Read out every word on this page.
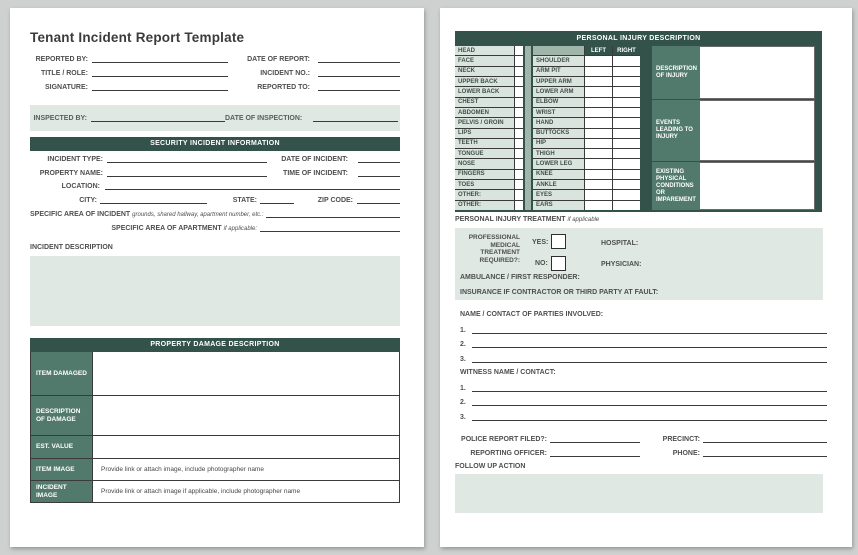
Tenant Incident Report Template
REPORTED BY:	DATE OF REPORT:
TITLE / ROLE:	INCIDENT NO.:
SIGNATURE:	REPORTED TO:
INSPECTED BY:	DATE OF INSPECTION:
SECURITY INCIDENT INFORMATION
INCIDENT TYPE:	DATE OF INCIDENT:
PROPERTY NAME:	TIME OF INCIDENT:
LOCATION:
CITY:	STATE:	ZIP CODE:
SPECIFIC AREA OF INCIDENT grounds, shared hallway, apartment number, etc.:
SPECIFIC AREA OF APARTMENT if applicable:
INCIDENT DESCRIPTION
PROPERTY DAMAGE DESCRIPTION
ITEM DAMAGED
DESCRIPTION OF DAMAGE
EST. VALUE
ITEM IMAGE	Provide link or attach image, include photographer name
INCIDENT IMAGE	Provide link or attach image if applicable, include photographer name
PERSONAL INJURY DESCRIPTION
HEAD
FACE
NECK
UPPER BACK
LOWER BACK
CHEST
ABDOMEN
PELVIS / GROIN
LIPS
TEETH
TONGUE
NOSE
FINGERS
TOES
OTHER:
OTHER:
LEFT	RIGHT
SHOULDER
ARM PIT
UPPER ARM
LOWER ARM
ELBOW
WRIST
HAND
BUTTOCKS
HIP
THIGH
LOWER LEG
KNEE
ANKLE
EYES
EARS
DESCRIPTION OF INJURY
EVENTS LEADING TO INJURY
EXISTING PHYSICAL CONDITIONS OR IMPAREMENT
PERSONAL INJURY TREATMENT if applicable
PROFESSIONAL MEDICAL TREATMENT REQUIRED?:
YES:
NO:
HOSPITAL:
PHYSICIAN:
AMBULANCE / FIRST RESPONDER:
INSURANCE IF CONTRACTOR OR THIRD PARTY AT FAULT:
NAME / CONTACT OF PARTIES INVOLVED:
1.
2.
3.
WITNESS NAME / CONTACT:
1.
2.
3.
POLICE REPORT FILED?:	PRECINCT:
REPORTING OFFICER:	PHONE:
FOLLOW UP ACTION
